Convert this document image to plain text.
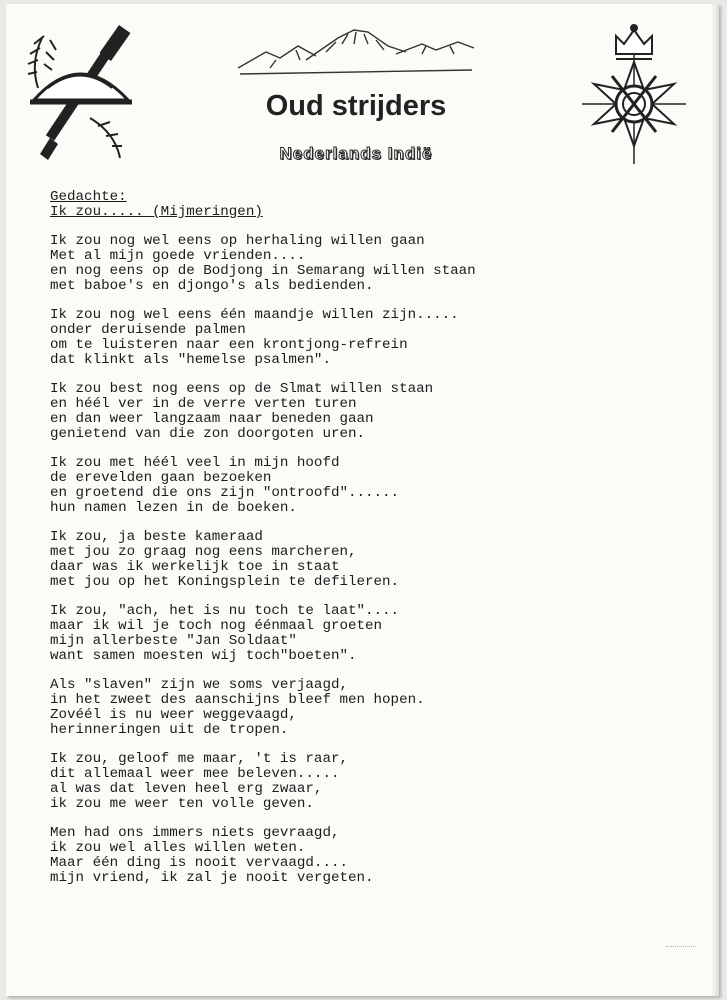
Oud strijders
Nederlands Indië
Gedachte:
Ik zou..... (Mijmeringen)
Ik zou nog wel eens op herhaling willen gaan
Met al mijn goede vrienden....
en nog eens op de Bodjong in Semarang willen staan
met baboe's en djongo's als bedienden.
Ik zou nog wel eens één maandje willen zijn.....
onder deruisende palmen
om te luisteren naar een krontjong-refrein
dat klinkt als "hemelse psalmen".
Ik zou best nog eens op de Slmat willen staan
en héél ver in de verre verten turen
en dan weer langzaam naar beneden gaan
genietend van die zon doorgoten uren.
Ik zou met héél veel in mijn hoofd
de erevelden gaan bezoeken
en groetend die ons zijn "ontroofd"......
hun namen lezen in de boeken.
Ik zou, ja beste kameraad
met jou zo graag nog eens marcheren,
daar was ik werkelijk toe in staat
met jou op het Koningsplein te defileren.
Ik zou, "ach, het is nu toch te laat"....
maar ik wil je toch nog éénmaal groeten
mijn allerbeste "Jan Soldaat"
want samen moesten wij toch"boeten".
Als "slaven" zijn we soms verjaagd,
in het zweet des aanschijns bleef men hopen.
Zovéél is nu weer weggevaagd,
herinneringen uit de tropen.
Ik zou, geloof me maar, 't is raar,
dit allemaal weer mee beleven.....
al was dat leven heel erg zwaar,
ik zou me weer ten volle geven.
Men had ons immers niets gevraagd,
ik zou wel alles willen weten.
Maar één ding is nooit vervaagd....
mijn vriend, ik zal je nooit vergeten.
